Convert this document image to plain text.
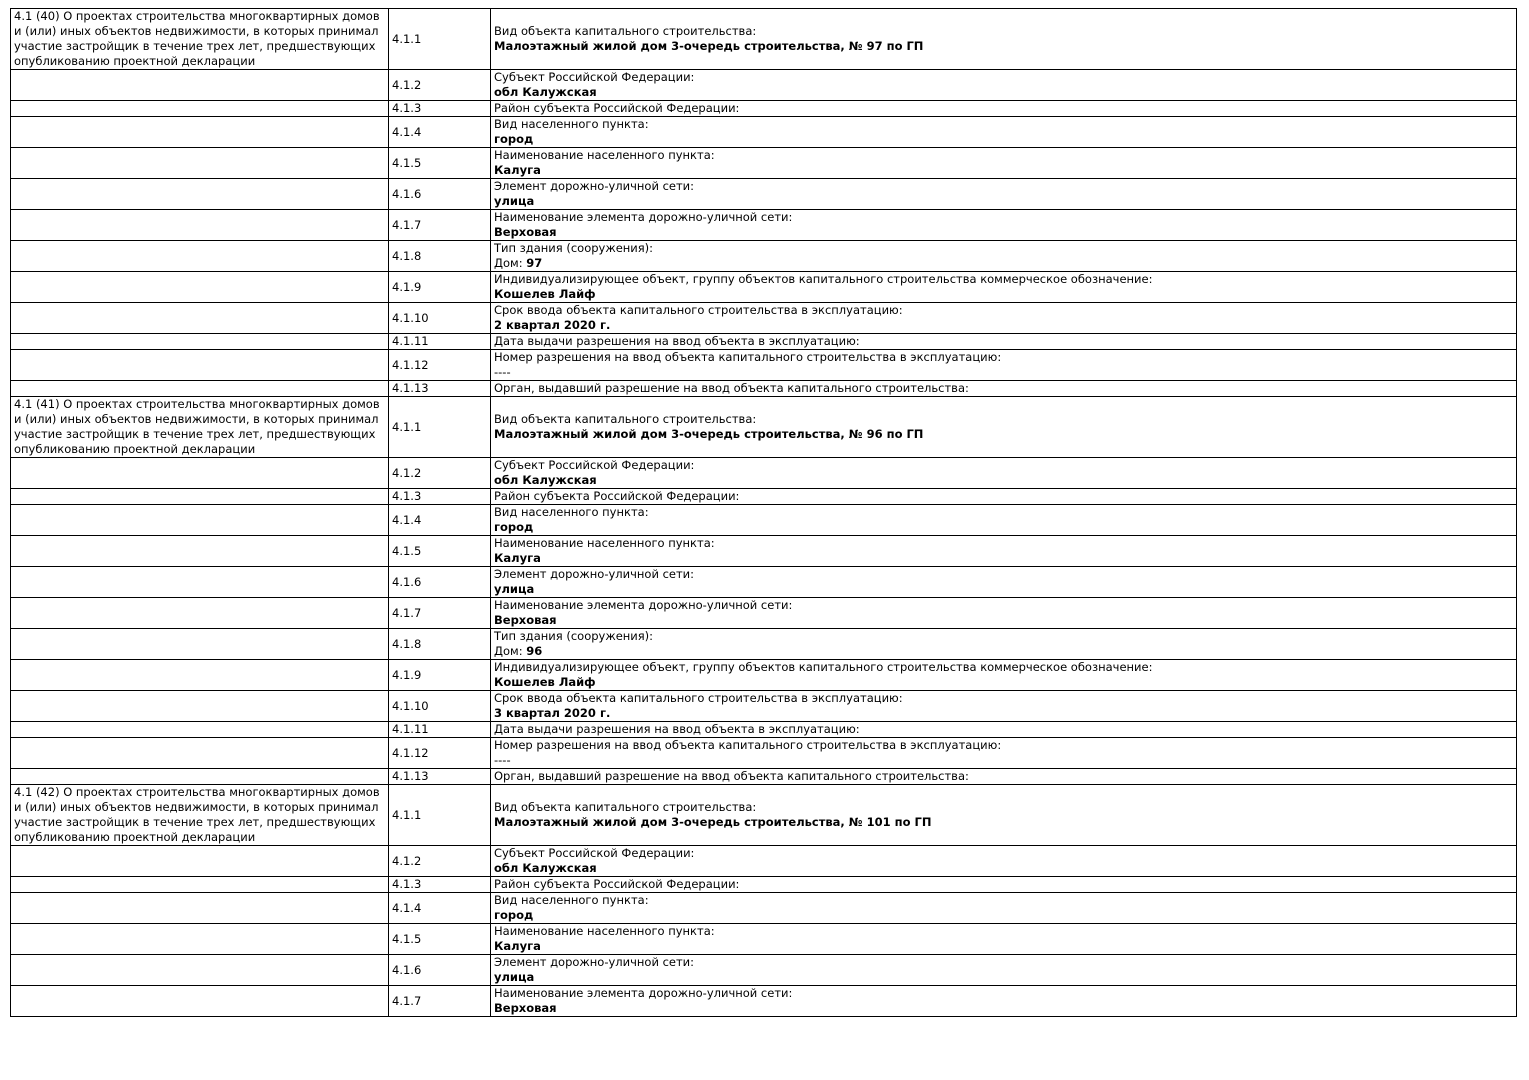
4.1 (40) О проектах строительства многоквартирных домов и (или) иных объектов недвижимости, в которых принимал участие застройщик в течение трех лет, предшествующих опубликованию проектной декларации	4.1.1	Вид объекта капитального строительства:
Малоэтажный жилой дом 3-очередь строительства, № 97 по ГП

	4.1.2	Субъект Российской Федерации:
обл Калужская

	4.1.3	Район субъекта Российской Федерации:

	4.1.4	Вид населенного пункта:
город

	4.1.5	Наименование населенного пункта:
Калуга

	4.1.6	Элемент дорожно-уличной сети:
улица

	4.1.7	Наименование элемента дорожно-уличной сети:
Верховая

	4.1.8	Тип здания (сооружения):
Дом: 97

	4.1.9	Индивидуализирующее объект, группу объектов капитального строительства коммерческое обозначение:
Кошелев Лайф

	4.1.10	Срок ввода объекта капитального строительства в эксплуатацию:
2 квартал 2020 г.

	4.1.11	Дата выдачи разрешения на ввод объекта в эксплуатацию:

	4.1.12	Номер разрешения на ввод объекта капитального строительства в эксплуатацию:
----

	4.1.13	Орган, выдавший разрешение на ввод объекта капитального строительства:

4.1 (41) О проектах строительства многоквартирных домов и (или) иных объектов недвижимости, в которых принимал участие застройщик в течение трех лет, предшествующих опубликованию проектной декларации	4.1.1	Вид объекта капитального строительства:
Малоэтажный жилой дом 3-очередь строительства, № 96 по ГП

	4.1.2	Субъект Российской Федерации:
обл Калужская

	4.1.3	Район субъекта Российской Федерации:

	4.1.4	Вид населенного пункта:
город

	4.1.5	Наименование населенного пункта:
Калуга

	4.1.6	Элемент дорожно-уличной сети:
улица

	4.1.7	Наименование элемента дорожно-уличной сети:
Верховая

	4.1.8	Тип здания (сооружения):
Дом: 96

	4.1.9	Индивидуализирующее объект, группу объектов капитального строительства коммерческое обозначение:
Кошелев Лайф

	4.1.10	Срок ввода объекта капитального строительства в эксплуатацию:
3 квартал 2020 г.

	4.1.11	Дата выдачи разрешения на ввод объекта в эксплуатацию:

	4.1.12	Номер разрешения на ввод объекта капитального строительства в эксплуатацию:
----

	4.1.13	Орган, выдавший разрешение на ввод объекта капитального строительства:

4.1 (42) О проектах строительства многоквартирных домов и (или) иных объектов недвижимости, в которых принимал участие застройщик в течение трех лет, предшествующих опубликованию проектной декларации	4.1.1	Вид объекта капитального строительства:
Малоэтажный жилой дом 3-очередь строительства, № 101 по ГП

	4.1.2	Субъект Российской Федерации:
обл Калужская

	4.1.3	Район субъекта Российской Федерации:

	4.1.4	Вид населенного пункта:
город

	4.1.5	Наименование населенного пункта:
Калуга

	4.1.6	Элемент дорожно-уличной сети:
улица

	4.1.7	Наименование элемента дорожно-уличной сети:
Верховая
